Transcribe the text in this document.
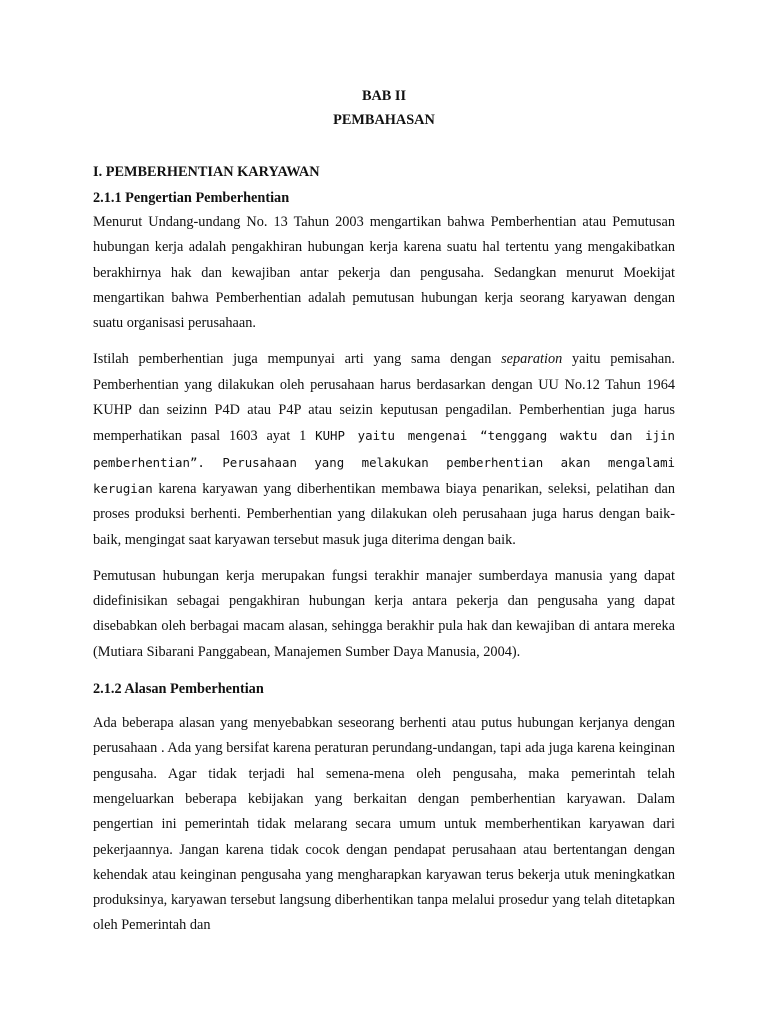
BAB II

PEMBAHASAN

I. PEMBERHENTIAN KARYAWAN

2.1.1 Pengertian Pemberhentian

Menurut Undang-undang No. 13 Tahun 2003 mengartikan bahwa Pemberhentian atau Pemutusan hubungan kerja adalah pengakhiran hubungan kerja karena suatu hal tertentu yang mengakibatkan berakhirnya hak dan kewajiban antar pekerja dan pengusaha. Sedangkan menurut Moekijat mengartikan bahwa Pemberhentian adalah pemutusan hubungan kerja seorang karyawan dengan suatu organisasi perusahaan.

Istilah pemberhentian juga mempunyai arti yang sama dengan separation yaitu pemisahan. Pemberhentian yang dilakukan oleh perusahaan harus berdasarkan dengan UU No.12 Tahun 1964 KUHP dan seizinn P4D atau P4P atau seizin keputusan pengadilan. Pemberhentian juga harus memperhatikan pasal 1603 ayat 1 KUHP yaitu mengenai “tenggang waktu dan ijin pemberhentian”. Perusahaan yang melakukan pemberhentian akan mengalami kerugian karena karyawan yang diberhentikan membawa biaya penarikan, seleksi, pelatihan dan proses produksi berhenti. Pemberhentian yang dilakukan oleh perusahaan juga harus dengan baik-baik, mengingat saat karyawan tersebut masuk juga diterima dengan baik.

Pemutusan hubungan kerja merupakan fungsi terakhir manajer sumberdaya manusia yang dapat didefinisikan sebagai pengakhiran hubungan kerja antara pekerja dan pengusaha yang dapat disebabkan oleh berbagai macam alasan, sehingga berakhir pula hak dan kewajiban di antara mereka (Mutiara Sibarani Panggabean, Manajemen Sumber Daya Manusia, 2004).

2.1.2 Alasan Pemberhentian

Ada beberapa alasan yang menyebabkan seseorang berhenti atau putus hubungan kerjanya dengan perusahaan . Ada yang bersifat karena peraturan perundang-undangan, tapi ada juga karena keinginan pengusaha. Agar tidak terjadi hal semena-mena oleh pengusaha, maka pemerintah telah mengeluarkan beberapa kebijakan yang berkaitan dengan pemberhentian karyawan. Dalam pengertian ini pemerintah tidak melarang secara umum untuk memberhentikan karyawan dari pekerjaannya. Jangan karena tidak cocok dengan pendapat perusahaan atau bertentangan dengan kehendak atau keinginan pengusaha yang mengharapkan karyawan terus bekerja utuk meningkatkan produksinya, karyawan tersebut langsung diberhentikan tanpa melalui prosedur yang telah ditetapkan oleh Pemerintah dan
